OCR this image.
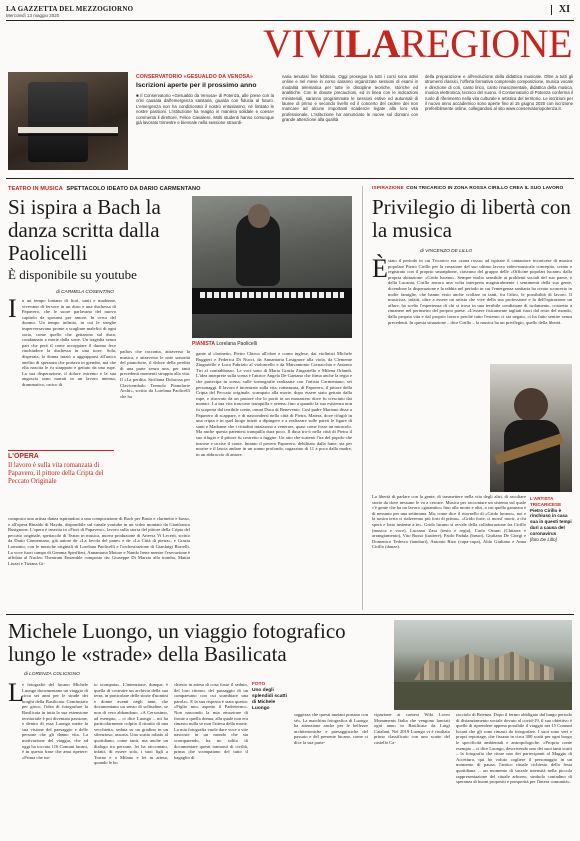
LA GAZZETTA DEL MEZZOGIORNO
Mercoledì 13 maggio 2020
XI
VIVILAREGIONE
CONSERVATORIO «GESUALDO DA VENOSA»
Iscrizioni aperte per il prossimo anno
■ Il Conservatorio «Gesualdo da Venosa» di Potenza, alle prese con la crisi causata dall'emergenza sanitaria, guarda con fiducia al futuro. L'emergenza non ha condizionato il nostro entusiasmo, né limitato le nostre passioni. L'Istituzione ha reagito in maniera solidale e coesa» commenta il direttore, Felice Cavaliere. Molti studenti hanno comunque già lavorato trimestre e biennale nella sessione straordi-
naria tenutasi fine febbraio. Oggi prosegue la tutti i corsi sono attivi online e nel mese in corso saranno organizzate sessioni di esami in modalità telematica per tutte le discipline teoriche, storiche ed analitiche. Con le dovute precauzioni, ed in linea con le indicazioni ministeriali, saranno programmate le sessioni estive ed autunnali di lauree di primo e secondo livello ed il concerto del cedere dei non mancare ad alcune importanti scadenze legate alla loro vita professionale. L'Istituzione ha annunciato le nuove sul domani con grande attenzione alla qualità
della preparazione e all'evoluzione della didattica musicale. Oltre a tutti gli strumenti classici, l'offerta formativa comprende composizione, musica vocale e direzione di cori, canto lirico, canto rinascimentale, didattica della musica, musica elettronica, tecnico del suono. Il Conservatorio di Potenza conferma il ruolo di riferimento nella vita culturale e artistica del territorio. Le iscrizioni per il nuovo anno accademico sono aperte fino al 15 giugno 2020 con iscrizione preferibilmente online, collegandosi al sito www.conservatoriopotenza.it.
TEATRO IN MUSICA SPETTACOLO IDEATO DA DARIO CARMENTANO
Si ispira a Bach la danza scritta dalla Paolicelli
È disponibile su youtube
PIANISTA Lorelana Paolicelli
di CARMELA COSENTINO
I n un tempo lontano di fiori, santi e madonne, vivevano di fervore in un duro e una duchessa di Papavero, che le suore parlavano del nuovo capitolo da sposarsi per amore. In cerca del duomo. Un tempo infinito, in cui le streghe imperversavano pronte a scagliare malefici di ogni sorta, come quello che gettarono sul duca, condannato a morte dalla sorte. Un tragedia senza pari che però il conte accoppiare il duomo fece rinchiudere la duchessa in una torre. Sola, disperata, la donna iniziò a aggrapparsi all'unico anelito di speranza che portava in grembo, ma che ella nascita le fu strappato e gettato da una rupe. La sua disperazione, il dolore estremo e la sua angoscia sono narrati in un lavoro intenso, drammatico, carico di
L'OPERA
Il lavoro è sulla vita romanzata di Papavero, il pittore della Cripta del Peccato Originale
pathos che racconta, attraverso la musica, e attraverso le note sonorità del pianoforte, il dolore della perdita di una parte senza una, per tanti precedenti momenti stroppia alla vita. Il «La perdita. Siciliana Dolorosa per Clavicembalo Tremolo Pianoforte Archi», scritto da Lorelana Paolicelli che ha
composto una artista danza ispirandosi a una composizione di Bach per Basto e clarinetto e basso, e all'opera Rinaldo di Haydn, disponibile sul canale youtube in un video montato da Gianfranco Rusignone. L'opera è inserita in «Fiori di Papavero», lavoro sulla storia del pittore della Cripta del peccato originale, spettacolo di Teatro in musica, nuova produzione di Artevia Vi Lecerit, scritto da Dario Carmentano, già autore de «La favola del pane» e de «La Città di pietra», e Grazia Lomonto, con le musiche originali di Lorelana Paolicelli e l'orchestrazione di Gianluigi Borrelli. La voce fuori campo di Gemma Sperffieri, Annamaria Motore e Nando Irene mentre l'esecuzione è affidata al Nucleo Theatrum Ensemble composto da: Giuseppe Di Marzio alla tromba, Mattia Liuzzi e Tiziana Gi-
gante al clarinetto, Pietro Chieco all'oboe e corno inglese, dai violinisti Michele Ruggieri e Federica Di Nucci, da Annamaria Losignore alla viola, da Clemente Zingariello e Luca Fabrizio al violoncello e da Marcantonio Cornacchia e Antonio Tiri al contrabbasso. Le voci sono di Maria Grazia Zingariello e Milena Orlandi. L'idea interprete sulla scena è l'attrice Angela De Gaetano che firma anche la regia e che partecipa in scena, sulle scenografie realizzate con l'artista Carmentano, sei personaggi. Il lavoro è incentrato sulla vita, romanzata, di Papavero, il pittore della Cripta del Peccato originale, scampato alla morte, dopo essere stato gettato dalla rupe, e ritrovato da un pastore che lo portò in un monastero dove fu cresciuto dai monaci. La sua vita trascorse tranquilla e serena, fino a quando la sua esistenza non fu scoperta dal terribile conte, ormai Duca di Benevento. Così padre Mariano disse a Papavero di scappare, e di nascondersi nella città di Pietra, Matera, dove rifugiò in una cripta e in quel luogo iniziò a dipingere e a realizzare sulle pareti le figure di santi e Madonne che i cittadini iniziarono a venerare, quasi come fosse un miracolo. Ma anche questa parentesi tranquilla dura poco. Il duca tro-ò nella città di Pietra il suo rifugio e il pittore fu costretto a fuggire. Un atto che scatenò l'ira del popolo che insorse e uccise il conte. Intanto il povero Papavero, debilitato dalla fame, sta per morire e il lascia andare in un sonno profondo, ragazzino di 11 a poca dalla madre, in un abbraccio di amore.
ISPIRAZIONE CON TRICARICO IN ZONA ROSSA CIRILLO CREA IL SUO LAVORO
Privilegio di libertà con la musica
di VINCENZO DE LILLO
È stato il periodo in cui Tricarico era «zona rossa» ad ispirare il cantautore tricaricese di musica popolare Pietro Cirillo per la creazione del suo ultimo lavoro video-musicale concepito, creato e registrato con il proprio smartphone, ciascuno del gruppo delle «Officine popolari lucane» dalla propria abitazione: «Grido lucano». Sempre molto sensibile ai problemi sociali del suo paese, e della Lucania, Cirillo ancora una volta interpreta magistralmente i sentimenti della sua gente, dicendone la disperazione e la rabbia nel periodo in cui l'emergenza sanitaria ha creato sconcerto in molte famiglie, che hanno visto anche crollare in tanti, fra l'altro, le possibilità di lavoro. Il musicista, infatti, oltre a essere un artista che vive della sua professione e fa dell'ispirazione un affare, ha scelto l'esperienza di chi si trova in una terribile condizione di isolamento, costretto a rimanere nel perimetro del proprio paese. «L'essere fisicamente tagliati fuori dal resto del mondo, dalla propria vita e dal proprio lavoro perché tutto l'esterno ci sia negato, ci ha fatto sentire senza precedenti. In questa situazione – dice Cirillo – la musica ha un privilegio, quello della libertà.
L'ARTISTA TRICARICESE
Pietro Cirillo è rinchiuso in casa sua in questi tempi duri a causa del coronavirus
[foto De Lillo]
La libertà di parlare con la gente, di trasmettere nella vita degli altri, di ascoltare storie da dove nessuno le va a cercare. Musica per raccontare un sistema sul quale c'è gente che ha un lavoro «garantito» fino alla morte e altri, a cui quella garanzia è di nessuno per una settimana. Ma, come dice il ritornello di «Grido lucano», noi e la nostra terra ci rialzeremo più forti di prima». «Grido forte, ci morsi' morir, a chi sperà e lotta insieme a te». Grido lucano si avvale della collaborazione fra Cirillo (musica e voce), Luciano Zasa (testo e regìa), Carlo Ostuni (Chitarra e arrangiamento), Vito Russo (tastiere), Paolo Padula (basso), Giuliano De Giorgi e Domenico Tedesco (tamburi), Antonio Rizo (cupa-cupa), Aldo Giuliano e Anna Cirillo (danze).
Michele Luongo, un viaggio fotografico lungo le «strade» della Basilicata
di LORENZA COLICIGNO
L
e fotografie del lucano Michele Luongo documentano un viaggio di circa sei anni per le strade dei borghi della Basilicata. Cominciato per gioco, l'idea di fotografare la Basilicata in tutta la sua estensione territoriale è poi diventata passione, e dentro di essa Luongo mette la sua visione del paesaggio e delle persone che gli danno vita. La motivazione del viaggio, che ad oggi ha toccato 116 Comuni lucani, è in questa frase che ama ripetere: «Prima che tut-
to scompaia». L'intenzione, dunque, è quella di costruire un archivio della sua terra, in particolare delle storie d'uomini e donne avanti negli anni, che documentano un senso di solitudine, se non di vero abbandono. «A Cersosimo, ad esempio, – ci dice Luongo – mi ha particolarmente colpito il ritratto di una vecchietta, seduta su un gradino in un silenzioso, assorta. Uno scatto rubato al quotidiano, come tanti, ma anche un dialogo tra persone, lei ha raccontato, infatti, di essere sola, i suoi figli a Torino e a Milano e lei in attesa, quando le ho
chiesto in attesa di cosa fosse il seduto, del loro ritorno, del passaggio di un compaesano con cui scambiare una parola». E la sua risposta è stata questa: «Figlio mio, aspetto il Padreterno». Non nascondo la mia emozione di fronte a quella donna, alla quale non era rimasto nulla se non l'attesa della morte. La mia fotografia vuole dare voce a vite nascoste in un mondo che sta scomparendo, ha no solito di documentare questi tramonti di civiltà, prima che scompaiano del tutto il bagaglio di
FOTO
Uno degli splendidi scatti di Michele Luongo
saggezza che questi anziani portano con sé». La marchina fotografica di Luongo ha attenzione anche per le bellezze architettoniche e paesaggistiche del passato e del presente lucano, come ci dice la sua parte-
cipazione ai contest Wiki Loves Monuments Italia che vengono lanciati ogni anno in Basilicata da Luigi Catalani. Nel 2019 Luongo vi è risultato primo classificato con uno scatto del castello Ca-
racciolo di Brienza. Dopo il fermo obbligato dal lungo periodo di distanziamento sociale dovuto al covid-19, il suo obiettivo è quello di riprendere appena possibile il viaggio nei 15 Comuni lucani che gli sono rimasti da fotografare. I suoi sono veri e propri reportage, che fissano in circa 300 scatti per ogni borgo le specificità ambientali e antropologiche. «Proprio come esempio – ci dice Luongo, descrivendo uno dei suoi tanti scatti – la fotografia che ritrae uno dei partecipanti al Maggio di Accettura, qui ho voluto cogliere il personaggio in un momento di pausa, l'antico rituale richiesto della festa quotidiana ... un momento di sacrale intensità nella piccola rappresentazione del rituale arboreo, simbolo contadino di speranza di buoni propositi e prosperità per l'intera comunità».
